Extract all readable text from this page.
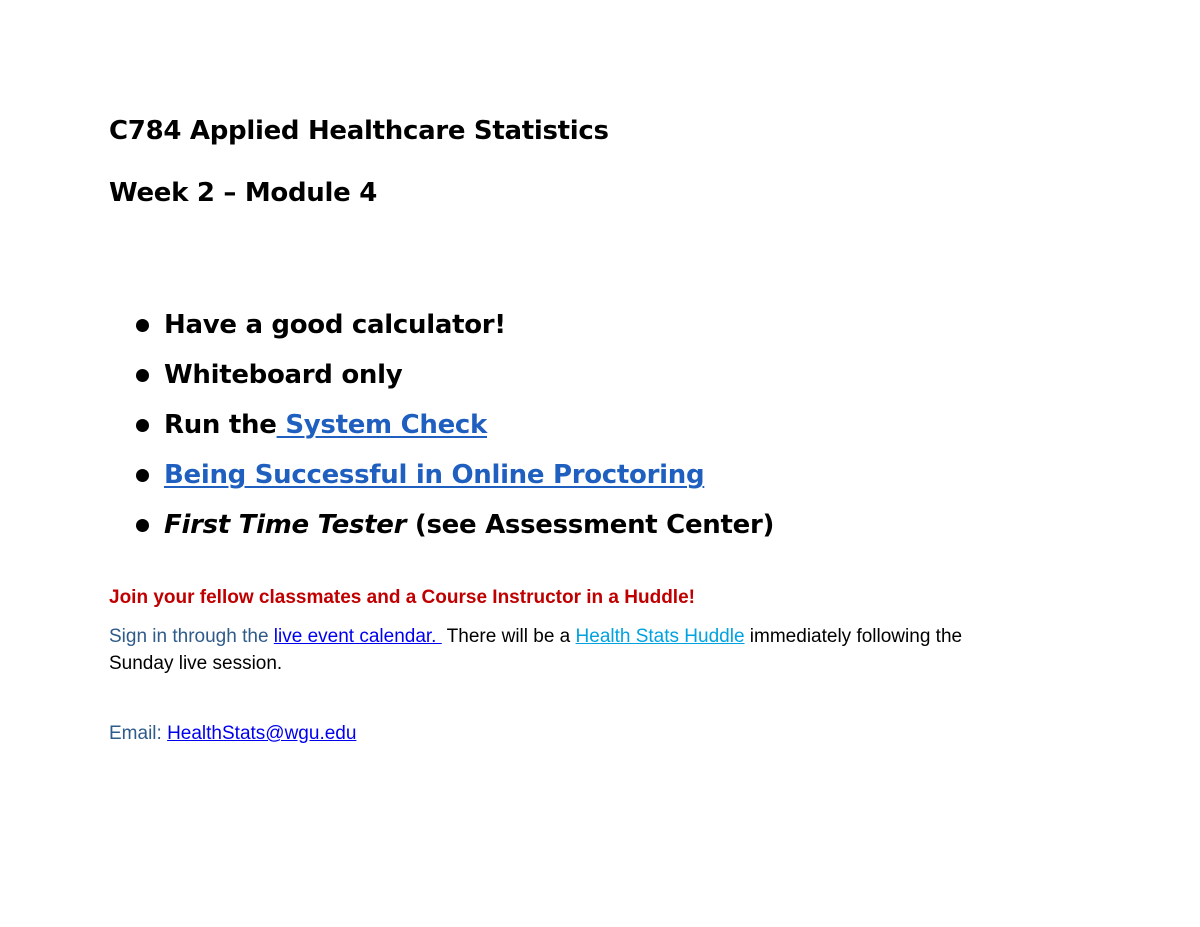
C784 Applied Healthcare Statistics
Week 2 – Module 4
Have a good calculator!
Whiteboard only
Run the System Check
Being Successful in Online Proctoring
First Time Tester (see Assessment Center)
Join your fellow classmates and a Course Instructor in a Huddle!
Sign in through the live event calendar.  There will be a Health Stats Huddle immediately following the
Sunday live session.
Email: HealthStats@wgu.edu
